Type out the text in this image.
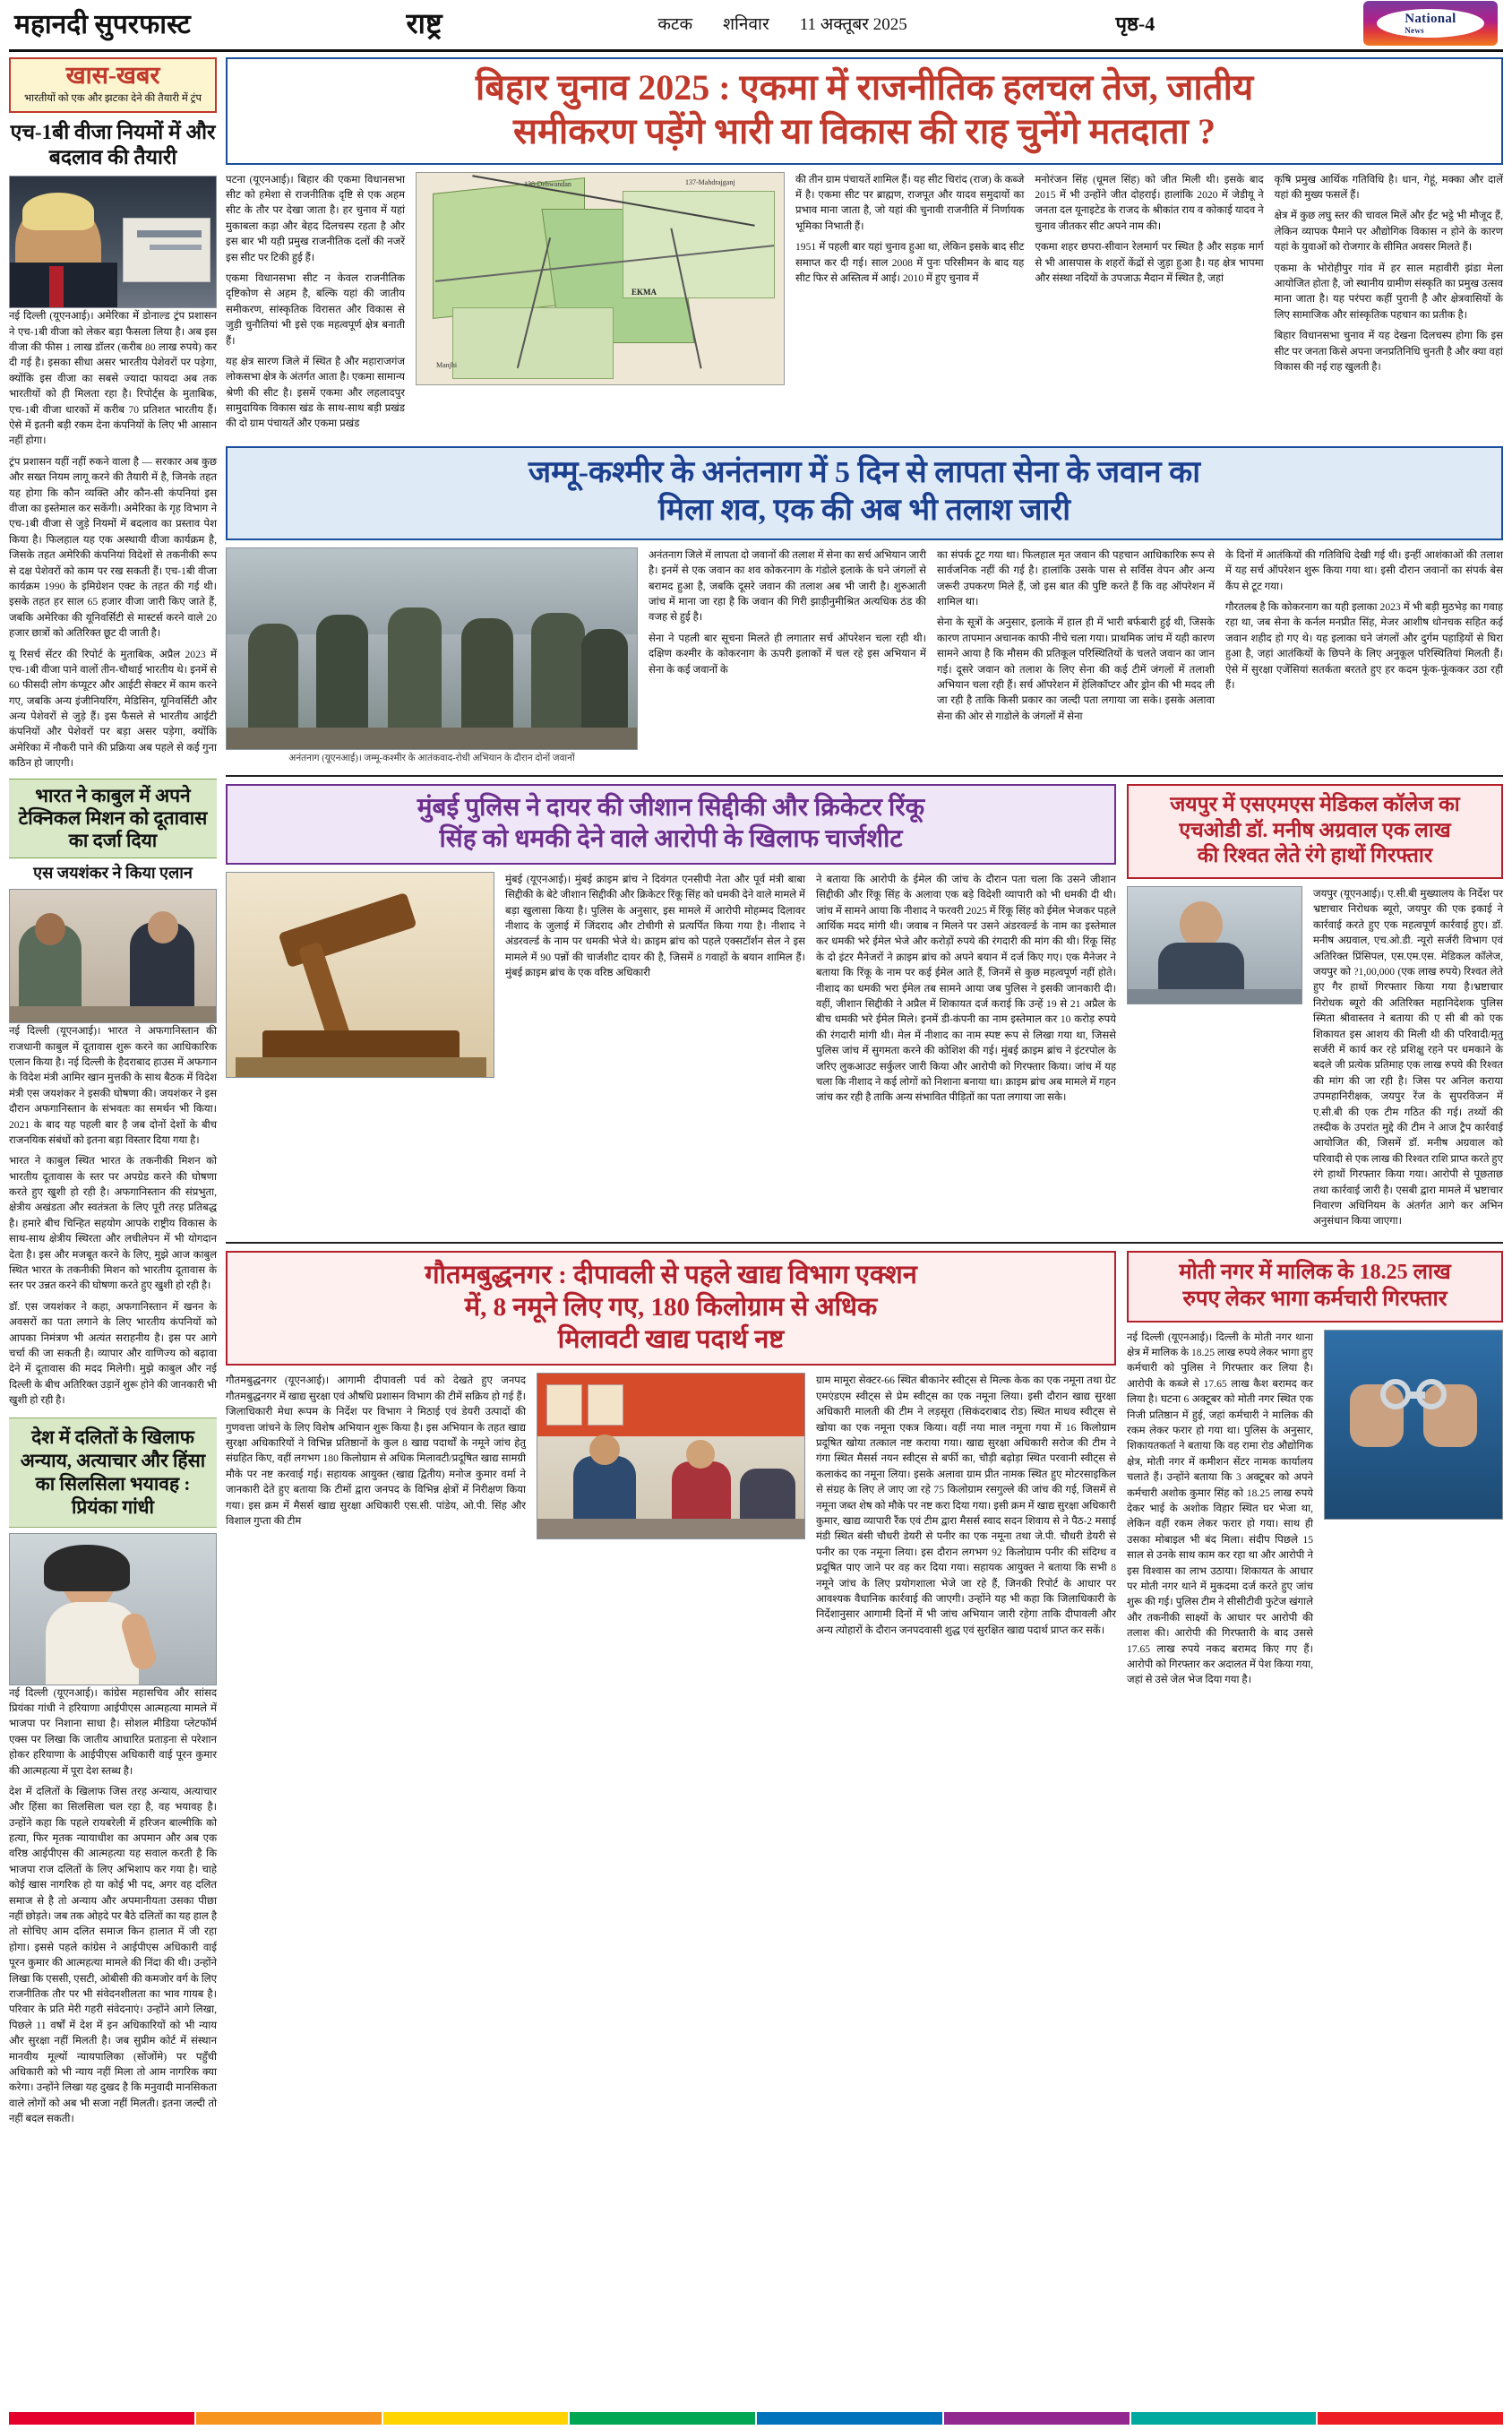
महानदी सुपरफास्ट	राष्ट्र	कटक शनिवार 11 अक्तूबर 2025	पृष्ठ-4	National
News
खास-खबर
भारतीयों को एक और झटका देने की तैयारी में ट्रंप
एच-1बी वीजा नियमों में और बदलाव की तैयारी

नई दिल्ली (यूएनआई)। अमेरिका में डोनाल्ड ट्रंप प्रशासन ने एच-1बी वीजा को लेकर बड़ा फैसला लिया है। अब इस वीजा की फीस 1 लाख डॉलर (करीब 80 लाख रुपये) कर दी गई है। इसका सीधा असर भारतीय पेशेवरों पर पड़ेगा, क्योंकि इस वीजा का सबसे ज्यादा फायदा अब तक भारतीयों को ही मिलता रहा है। रिपोर्ट्स के मुताबिक, एच-1बी वीजा धारकों में करीब 70 प्रतिशत भारतीय हैं। ऐसे में इतनी बड़ी रकम देना कंपनियों के लिए भी आसान नहीं होगा।

ट्रंप प्रशासन यहीं नहीं रुकने वाला है — सरकार अब कुछ और सख्त नियम लागू करने की तैयारी में है, जिनके तहत यह होगा कि कौन व्यक्ति और कौन-सी कंपनियां इस वीजा का इस्तेमाल कर सकेंगी। अमेरिका के गृह विभाग ने एच-1बी वीजा से जुड़े नियमों में बदलाव का प्रस्ताव पेश किया है। फिलहाल यह एक अस्थायी वीजा कार्यक्रम है, जिसके तहत अमेरिकी कंपनियां विदेशों से तकनीकी रूप से दक्ष पेशेवरों को काम पर रख सकती हैं। एच-1बी वीजा कार्यक्रम 1990 के इमिग्रेशन एक्ट के तहत की गई थी। इसके तहत हर साल 65 हजार वीजा जारी किए जाते हैं, जबकि अमेरिका की यूनिवर्सिटी से मास्टर्स करने वाले 20 हजार छात्रों को अतिरिक्त छूट दी जाती है।

यू रिसर्च सेंटर की रिपोर्ट के मुताबिक, अप्रैल 2023 में एच-1बी वीजा पाने वालों तीन-चौथाई भारतीय थे। इनमें से 60 फीसदी लोग कंप्यूटर और आईटी सेक्टर में काम करने गए, जबकि अन्य इंजीनियरिंग, मेडिसिन, यूनिवर्सिटी और अन्य पेशेवरों से जुड़े हैं। इस फैसले से भारतीय आईटी कंपनियों और पेशेवरों पर बड़ा असर पड़ेगा, क्योंकि अमेरिका में नौकरी पाने की प्रक्रिया अब पहले से कई गुना कठिन हो जाएगी।

भारत ने काबुल में अपने टेक्निकल मिशन को दूतावास का दर्जा दिया
एस जयशंकर ने किया एलान

नई दिल्ली (यूएनआई)। भारत ने अफगानिस्तान की राजधानी काबुल में दूतावास शुरू करने का आधिकारिक एलान किया है। नई दिल्ली के हैदराबाद हाउस में अफगान के विदेश मंत्री आमिर खान मुत्तकी के साथ बैठक में विदेश मंत्री एस जयशंकर ने इसकी घोषणा की। जयशंकर ने इस दौरान अफगानिस्तान के संभवतः का समर्थन भी किया। 2021 के बाद यह पहली बार है जब दोनों देशों के बीच राजनयिक संबंधों को इतना बड़ा विस्तार दिया गया है।

भारत ने काबुल स्थित भारत के तकनीकी मिशन को भारतीय दूतावास के स्तर पर अपग्रेड करने की घोषणा करते हुए खुशी हो रही है। अफगानिस्तान की संप्रभुता, क्षेत्रीय अखंडता और स्वतंत्रता के लिए पूरी तरह प्रतिबद्ध है। हमारे बीच चिन्हित सहयोग आपके राष्ट्रीय विकास के साथ-साथ क्षेत्रीय स्थिरता और लचीलेपन में भी योगदान देता है। इस और मजबूत करने के लिए, मुझे आज काबुल स्थित भारत के तकनीकी मिशन को भारतीय दूतावास के स्तर पर उन्नत करने की घोषणा करते हुए खुशी हो रही है।

डॉ. एस जयशंकर ने कहा, अफगानिस्तान में खनन के अवसरों का पता लगाने के लिए भारतीय कंपनियों को आपका निमंत्रण भी अत्यंत सराहनीय है। इस पर आगे चर्चा की जा सकती है। व्यापार और वाणिज्य को बढ़ावा देने में दूतावास की मदद मिलेगी। मुझे काबुल और नई दिल्ली के बीच अतिरिक्त उड़ानें शुरू होने की जानकारी भी खुशी हो रही है।

देश में दलितों के खिलाफ अन्याय, अत्याचार और हिंसा का सिलसिला भयावह : प्रियंका गांधी

नई दिल्ली (यूएनआई)। कांग्रेस महासचिव और सांसद प्रियंका गांधी ने हरियाणा आईपीएस आत्महत्या मामले में भाजपा पर निशाना साधा है। सोशल मीडिया प्लेटफॉर्म एक्स पर लिखा कि जातीय आधारित प्रताड़ना से परेशान होकर हरियाणा के आईपीएस अधिकारी वाई पूरन कुमार की आत्महत्या में पूरा देश स्तब्ध है।

देश में दलितों के खिलाफ जिस तरह अन्याय, अत्याचार और हिंसा का सिलसिला चल रहा है, वह भयावह है। उन्होंने कहा कि पहले रायबरेली में हरिजन बाल्मीकि को हत्या, फिर मृतक न्यायाधीश का अपमान और अब एक वरिष्ठ आईपीएस की आत्महत्या यह सवाल करती है कि भाजपा राज दलितों के लिए अभिशाप कर गया है। चाहे कोई खास नागरिक हो या कोई भी पद, अगर वह दलित समाज से है तो अन्याय और अपमानीयता उसका पीछा नहीं छोड़ते। जब तक ओहदे पर बैठे दलितों का यह हाल है तो सोचिए आम दलित समाज किन हालात में जी रहा होगा। इससे पहले कांग्रेस ने आईपीएस अधिकारी वाई पूरन कुमार की आत्महत्या मामले की निंदा की थी। उन्होंने लिखा कि एससी, एसटी, ओबीसी की कमजोर वर्ग के लिए राजनीतिक तौर पर भी संवेदनशीलता का भाव गायब है। परिवार के प्रति मेरी गहरी संवेदनाएं। उन्होंने आगे लिखा, पिछले 11 वर्षों में देश में इन अधिकारियों को भी न्याय और सुरक्षा नहीं मिलती है। जब सुप्रीम कोर्ट में संस्थान मानवीय मूल्यों न्यायपालिका (सोंजोंमे) पर पहुँची अधिकारी को भी न्याय नहीं मिला तो आम नागरिक क्या करेगा। उन्होंने लिखा यह दुखद है कि मनुवादी मानसिकता वाले लोगों को अब भी सजा नहीं मिलती। इतना जल्दी तो नहीं बदल सकती।

बिहार चुनाव 2025 : एकमा में राजनीतिक हलचल तेज, जातीय
समीकरण पड़ेंगे भारी या विकास की राह चुनेंगे मतदाता ?

पटना (यूएनआई)। बिहार की एकमा विधानसभा सीट को हमेशा से राजनीतिक दृष्टि से एक अहम सीट के तौर पर देखा जाता है। हर चुनाव में यहां मुकाबला कड़ा और बेहद दिलचस्प रहता है और इस बार भी यही प्रमुख राजनीतिक दलों की नजरें इस सीट पर टिकी हुई हैं।

एकमा विधानसभा सीट न केवल राजनीतिक दृष्टिकोण से अहम है, बल्कि यहां की जातीय समीकरण, सांस्कृतिक विरासत और विकास से जुड़ी चुनौतियां भी इसे एक महत्वपूर्ण क्षेत्र बनाती हैं।

यह क्षेत्र सारण जिले में स्थित है और महाराजगंज लोकसभा क्षेत्र के अंतर्गत आता है। एकमा सामान्य श्रेणी की सीट है। इसमें एकमा और लहलादपुर सामुदायिक विकास खंड के साथ-साथ बड़ी प्रखंड की दो ग्राम पंचायतें और एकमा प्रखंड

138-Dehwandan	137-Mahdrajganj
EKMA
Manjhi

की तीन ग्राम पंचायतें शामिल हैं। यह सीट चिरांद (राज) के कब्जे में है। एकमा सीट पर ब्राह्मण, राजपूत और यादव समुदायों का प्रभाव माना जाता है, जो यहां की चुनावी राजनीति में निर्णायक भूमिका निभाती हैं।

1951 में पहली बार यहां चुनाव हुआ था, लेकिन इसके बाद सीट समाप्त कर दी गई। साल 2008 में पुनः परिसीमन के बाद यह सीट फिर से अस्तित्व में आई। 2010 में हुए चुनाव में

मनोरंजन सिंह (धूमल सिंह) को जीत मिली थी। इसके बाद 2015 में भी उन्होंने जीत दोहराई। हालांकि 2020 में जेडीयू ने जनता दल यूनाइटेड के राजद के श्रीकांत राय व कोकाई यादव ने चुनाव जीतकर सीट अपने नाम की।

एकमा शहर छपरा-सीवान रेलमार्ग पर स्थित है और सड़क मार्ग से भी आसपास के शहरों केंद्रों से जुड़ा हुआ है। यह क्षेत्र भापमा और संस्था नदियों के उपजाऊ मैदान में स्थित है, जहां

कृषि प्रमुख आर्थिक गतिविधि है। धान, गेहूं, मक्का और दालें यहां की मुख्य फसलें हैं।

क्षेत्र में कुछ लघु स्तर की चावल मिलें और ईंट भट्ठे भी मौजूद हैं, लेकिन व्यापक पैमाने पर औद्योगिक विकास न होने के कारण यहां के युवाओं को रोजगार के सीमित अवसर मिलते हैं।

एकमा के भोरोहीपुर गांव में हर साल महावीरी झंडा मेला आयोजित होता है, जो स्थानीय ग्रामीण संस्कृति का प्रमुख उत्सव माना जाता है। यह परंपरा कहीं पुरानी है और क्षेत्रवासियों के लिए सामाजिक और सांस्कृतिक पहचान का प्रतीक है।

बिहार विधानसभा चुनाव में यह देखना दिलचस्प होगा कि इस सीट पर जनता किसे अपना जनप्रतिनिधि चुनती है और क्या वहां विकास की नई राह खुलती है।

जम्मू-कश्मीर के अनंतनाग में 5 दिन से लापता सेना के जवान का
मिला शव, एक की अब भी तलाश जारी
अनंतनाग (यूएनआई)। जम्मू-कश्मीर के आतंकवाद-रोधी अभियान के दौरान दोनों जवानों

अनंतनाग जिले में लापता दो जवानों की तलाश में सेना का सर्च अभियान जारी है। इनमें से एक जवान का शव कोकरनाग के गंडोले इलाके के घने जंगलों से बरामद हुआ है, जबकि दूसरे जवान की तलाश अब भी जारी है। शुरुआती जांच में माना जा रहा है कि जवान की गिरी झाड़ीनुमीश्रित अत्यधिक ठंड की वजह से हुई है।

सेना ने पहली बार सूचना मिलते ही लगातार सर्च ऑपरेशन चला रही थी। दक्षिण कश्मीर के कोकरनाग के ऊपरी इलाकों में चल रहे इस अभियान में सेना के कई जवानों के

का संपर्क टूट गया था। फिलहाल मृत जवान की पहचान आधिकारिक रूप से सार्वजनिक नहीं की गई है। हालांकि उसके पास से सर्विस वेपन और अन्य जरूरी उपकरण मिले हैं, जो इस बात की पुष्टि करते हैं कि वह ऑपरेशन में शामिल था।

सेना के सूत्रों के अनुसार, इलाके में हाल ही में भारी बर्फबारी हुई थी, जिसके कारण तापमान अचानक काफी नीचे चला गया। प्राथमिक जांच में यही कारण सामने आया है कि मौसम की प्रतिकूल परिस्थितियों के चलते जवान का जान गई। दूसरे जवान को तलाश के लिए सेना की कई टीमें जंगलों में तलाशी अभियान चला रही हैं। सर्च ऑपरेशन में हेलिकॉप्टर और ड्रोन की भी मदद ली जा रही है ताकि किसी प्रकार का जल्दी पता लगाया जा सके। इसके अलावा सेना की ओर से गाडोले के जंगलों में सेना

के दिनों में आतंकियों की गतिविधि देखी गई थी। इन्हीं आशंकाओं की तलाश में यह सर्च ऑपरेशन शुरू किया गया था। इसी दौरान जवानों का संपर्क बेस कैंप से टूट गया।

गौरतलब है कि कोकरनाग का यही इलाका 2023 में भी बड़ी मुठभेड़ का गवाह रहा था, जब सेना के कर्नल मनप्रीत सिंह, मेजर आशीष धोनचक सहित कई जवान शहीद हो गए थे। यह इलाका घने जंगलों और दुर्गम पहाड़ियों से घिरा हुआ है, जहां आतंकियों के छिपने के लिए अनुकूल परिस्थितियां मिलती हैं। ऐसे में सुरक्षा एजेंसियां सतर्कता बरतते हुए हर कदम फूंक-फूंककर उठा रही हैं।

मुंबई पुलिस ने दायर की जीशान सिद्दीकी और क्रिकेटर रिंकू
सिंह को धमकी देने वाले आरोपी के खिलाफ चार्जशीट

मुंबई (यूएनआई)। मुंबई क्राइम ब्रांच ने दिवंगत एनसीपी नेता और पूर्व मंत्री बाबा सिद्दीकी के बेटे जीशान सिद्दीकी और क्रिकेटर रिंकू सिंह को धमकी देने वाले मामले में बड़ा खुलासा किया है। पुलिस के अनुसार, इस मामले में आरोपी मोहम्मद दिलावर नीशाद के जुलाई में जिंदराद और टोचीगी से प्रत्यर्पित किया गया है। नीशाद ने अंडरवर्ल्ड के नाम पर धमकी भेजे थे। क्राइम ब्रांच को पहले एक्सटॉर्शन सेल ने इस मामले में 90 पन्नों की चार्जशीट दायर की है, जिसमें 8 गवाहों के बयान शामिल हैं। मुंबई क्राइम ब्रांच के एक वरिष्ठ अधिकारी

ने बताया कि आरोपी के ईमेल की जांच के दौरान पता चला कि उसने जीशान सिद्दीकी और रिंकू सिंह के अलावा एक बड़े विदेशी व्यापारी को भी धमकी दी थी। जांच में सामने आया कि नीशाद ने फरवरी 2025 में रिंकू सिंह को ईमेल भेजकर पहले आर्थिक मदद मांगी थी। जवाब न मिलने पर उसने अंडरवर्ल्ड के नाम का इस्तेमाल कर धमकी भरे ईमेल भेजे और करोड़ों रुपये की रंगदारी की मांग की थी। रिंकू सिंह के दो इंटर मैनेजरों ने क्राइम ब्रांच को अपने बयान में दर्ज किए गए। एक मैनेजर ने बताया कि रिंकू के नाम पर कई ईमेल आते हैं, जिनमें से कुछ महत्वपूर्ण नहीं होते। नीशाद का धमकी भरा ईमेल तब सामने आया जब पुलिस ने इसकी जानकारी दी। वहीं, जीशान सिद्दीकी ने अप्रैल में शिकायत दर्ज कराई कि उन्हें 19 से 21 अप्रैल के बीच धमकी भरे ईमेल मिले। इनमें डी-कंपनी का नाम इस्तेमाल कर 10 करोड़ रुपये की रंगदारी मांगी थी। मेल में नीशाद का नाम स्पष्ट रूप से लिखा गया था, जिससे पुलिस जांच में सुगमता करने की कोशिश की गई। मुंबई क्राइम ब्रांच ने इंटरपोल के जरिए लुकआउट सर्कुलर जारी किया और आरोपी को गिरफ्तार किया। जांच में यह चला कि नीशाद ने कई लोगों को निशाना बनाया था। क्राइम ब्रांच अब मामले में गहन जांच कर रही है ताकि अन्य संभावित पीड़ितों का पता लगाया जा सके।

जयपुर में एसएमएस मेडिकल कॉलेज का
एचओडी डॉ. मनीष अग्रवाल एक लाख
की रिश्वत लेते रंगे हाथों गिरफ्तार

जयपुर (यूएनआई)। ए.सी.बी मुख्यालय के निर्देश पर भ्रष्टाचार निरोधक ब्यूरो, जयपुर की एक इकाई ने कार्रवाई करते हुए एक महत्वपूर्ण कार्रवाई हुए। डॉ. मनीष अग्रवाल, एच.ओ.डी. न्यूरो सर्जरी विभाग एवं अतिरिक्त प्रिंसिपल, एस.एम.एस. मेडिकल कॉलेज, जयपुर को ?1,00,000 (एक लाख रुपये) रिश्वत लेते हुए गैर हाथों गिरफ्तार किया गया है।भ्रष्टाचार निरोधक ब्यूरो की अतिरिक्त महानिदेशक पुलिस स्मिता श्रीवास्तव ने बताया की ए सी बी को एक शिकायत इस आशय की मिली थी की परिवादी/मृतु सर्जरी में कार्य कर रहे प्रशिक्षु रहने पर धमकाने के बदले जी प्रत्येक प्रतिमाह एक लाख रुपये की रिश्वत की मांग की जा रही है। जिस पर अनिल कराया उपमहानिरीक्षक, जयपुर रेंज के सुपरविजन में ए.सी.बी की एक टीम गठित की गई। तथ्यों की तस्दीक के उपरांत मुद्दे की टीम ने आज ट्रैप कार्रवाई आयोजित की, जिसमें डॉ. मनीष अग्रवाल को परिवादी से एक लाख की रिश्वत राशि प्राप्त करते हुए रंगे हाथों गिरफ्तार किया गया। आरोपी से पूछताछ तथा कार्रवाई जारी है। एसबी द्वारा मामले में भ्रष्टाचार निवारण अधिनियम के अंतर्गत आगे कर अभिन अनुसंधान किया जाएगा।

गौतमबुद्धनगर : दीपावली से पहले खाद्य विभाग एक्शन
में, 8 नमूने लिए गए, 180 किलोग्राम से अधिक
मिलावटी खाद्य पदार्थ नष्ट

गौतमबुद्धनगर (यूएनआई)। आगामी दीपावली पर्व को देखते हुए जनपद गौतमबुद्धनगर में खाद्य सुरक्षा एवं औषधि प्रशासन विभाग की टीमें सक्रिय हो गई हैं। जिलाधिकारी मेधा रूपम के निर्देश पर विभाग ने मिठाई एवं डेयरी उत्पादों की गुणवत्ता जांचने के लिए विशेष अभियान शुरू किया है। इस अभियान के तहत खाद्य सुरक्षा अधिकारियों ने विभिन्न प्रतिष्ठानों के कुल 8 खाद्य पदार्थों के नमूने जांच हेतु संग्रहित किए, वहीं लगभग 180 किलोग्राम से अधिक मिलावटी/प्रदूषित खाद्य सामग्री मौके पर नष्ट करवाई गई। सहायक आयुक्त (खाद्य द्वितीय) मनोज कुमार वर्मा ने जानकारी देते हुए बताया कि टीमों द्वारा जनपद के विभिन्न क्षेत्रों में निरीक्षण किया गया। इस क्रम में मैसर्स खाद्य सुरक्षा अधिकारी एस.सी. पांडेय, ओ.पी. सिंह और विशाल गुप्ता की टीम

ग्राम मामूरा सेक्टर-66 स्थित बीकानेर स्वीट्स से मिल्क केक का एक नमूना तथा ग्रेट एमएंडएम स्वीट्स से प्रेम स्वीट्स का एक नमूना लिया। इसी दौरान खाद्य सुरक्षा अधिकारी मालती की टीम ने लड़सूरा (सिकंदराबाद रोड) स्थित माधव स्वीट्स से खोया का एक नमूना एकत्र किया। वहीं नया माल नमूना गया में 16 किलोग्राम प्रदूषित खोया तत्काल नष्ट कराया गया। खाद्य सुरक्षा अधिकारी सरोज की टीम ने गंगा स्थित मैसर्स नयन स्वीट्स से बर्फी का, चौड़ी बढ़ोड़ा स्थित परवानी स्वीट्स से कलाकंद का नमूना लिया। इसके अलावा ग्राम प्रीत नामक स्थित हुए मोटरसाइकिल से संग्रह के लिए ले जाए जा रहे 75 किलोग्राम रसगुल्ले की जांच की गई, जिसमें से नमूना जब्त शेष को मौके पर नष्ट करा दिया गया। इसी क्रम में खाद्य सुरक्षा अधिकारी कुमार, खाद्य व्यापारी रैंक एवं टीम द्वारा मैसर्स स्वाद सदन शिवाय से ने पैठ-2 मसाई मंडी स्थित बंसी चौधरी डेयरी से पनीर का एक नमूना तथा जे.पी. चौधरी डेयरी से पनीर का एक नमूना लिया। इस दौरान लगभग 92 किलोग्राम पनीर की संदिग्ध व प्रदूषित पाए जाने पर वह कर दिया गया। सहायक आयुक्त ने बताया कि सभी 8 नमूने जांच के लिए प्रयोगशाला भेजे जा रहे हैं, जिनकी रिपोर्ट के आधार पर आवश्यक वैधानिक कार्रवाई की जाएगी। उन्होंने यह भी कहा कि जिलाधिकारी के निर्देशानुसार आगामी दिनों में भी जांच अभियान जारी रहेगा ताकि दीपावली और अन्य त्योहारों के दौरान जनपदवासी शुद्ध एवं सुरक्षित खाद्य पदार्थ प्राप्त कर सकें।

मोती नगर में मालिक के 18.25 लाख
रुपए लेकर भागा कर्मचारी गिरफ्तार

नई दिल्ली (यूएनआई)। दिल्ली के मोती नगर थाना क्षेत्र में मालिक के 18.25 लाख रुपये लेकर भागा हुए कर्मचारी को पुलिस ने गिरफ्तार कर लिया है। आरोपी के कब्जे से 17.65 लाख कैश बरामद कर लिया है। घटना 6 अक्टूबर को मोती नगर स्थित एक निजी प्रतिष्ठान में हुई, जहां कर्मचारी ने मालिक की रकम लेकर फरार हो गया था। पुलिस के अनुसार, शिकायतकर्ता ने बताया कि वह रामा रोड औद्योगिक क्षेत्र, मोती नगर में कमीशन सेंटर नामक कार्यालय चलाते हैं। उन्होंने बताया कि 3 अक्टूबर को अपने कर्मचारी अशोक कुमार सिंह को 18.25 लाख रुपये देकर भाई के अशोक विहार स्थित घर भेजा था, लेकिन वहीं रकम लेकर फरार हो गया। साथ ही उसका मोबाइल भी बंद मिला। संदीप पिछले 15 साल से उनके साथ काम कर रहा था और आरोपी ने इस विश्वास का लाभ उठाया। शिकायत के आधार पर मोती नगर थाने में मुकदमा दर्ज करते हुए जांच शुरू की गई। पुलिस टीम ने सीसीटीवी फुटेज खंगाले और तकनीकी साक्ष्यों के आधार पर आरोपी की तलाश की। आरोपी की गिरफ्तारी के बाद उससे 17.65 लाख रुपये नकद बरामद किए गए हैं। आरोपी को गिरफ्तार कर अदालत में पेश किया गया, जहां से उसे जेल भेज दिया गया है।
